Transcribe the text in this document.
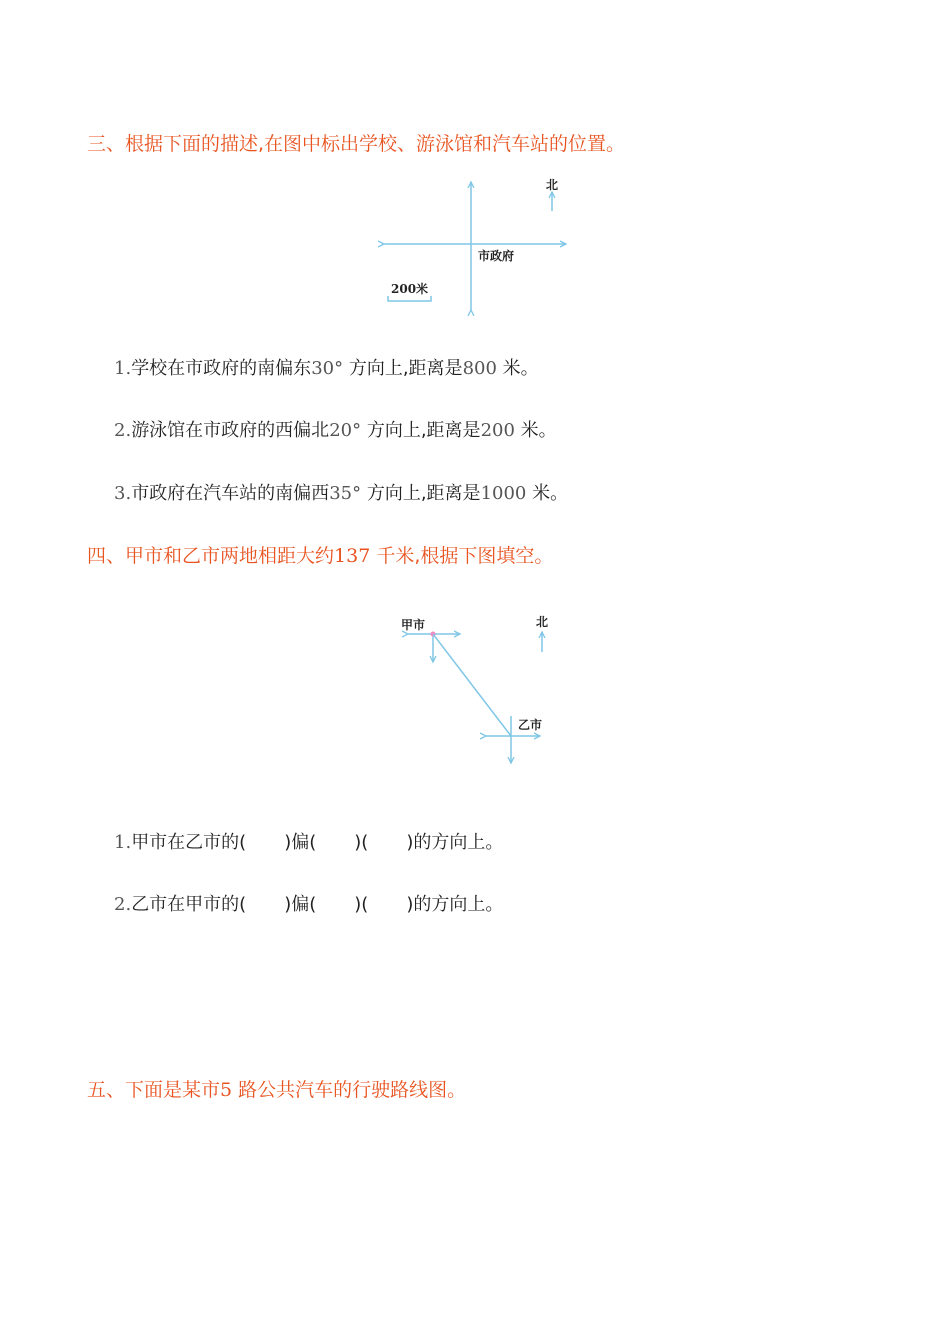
三、根据下面的描述,在图中标出学校、游泳馆和汽车站的位置。
北
市政府
200米
1.学校在市政府的南偏东30° 方向上,距离是800 米。
2.游泳馆在市政府的西偏北20° 方向上,距离是200 米。
3.市政府在汽车站的南偏西35° 方向上,距离是1000 米。
四、甲市和乙市两地相距大约137 千米,根据下图填空。
北
甲市
乙市
1.甲市在乙市的( )偏( )( )的方向上。
2.乙市在甲市的( )偏( )( )的方向上。
五、下面是某市5 路公共汽车的行驶路线图。
